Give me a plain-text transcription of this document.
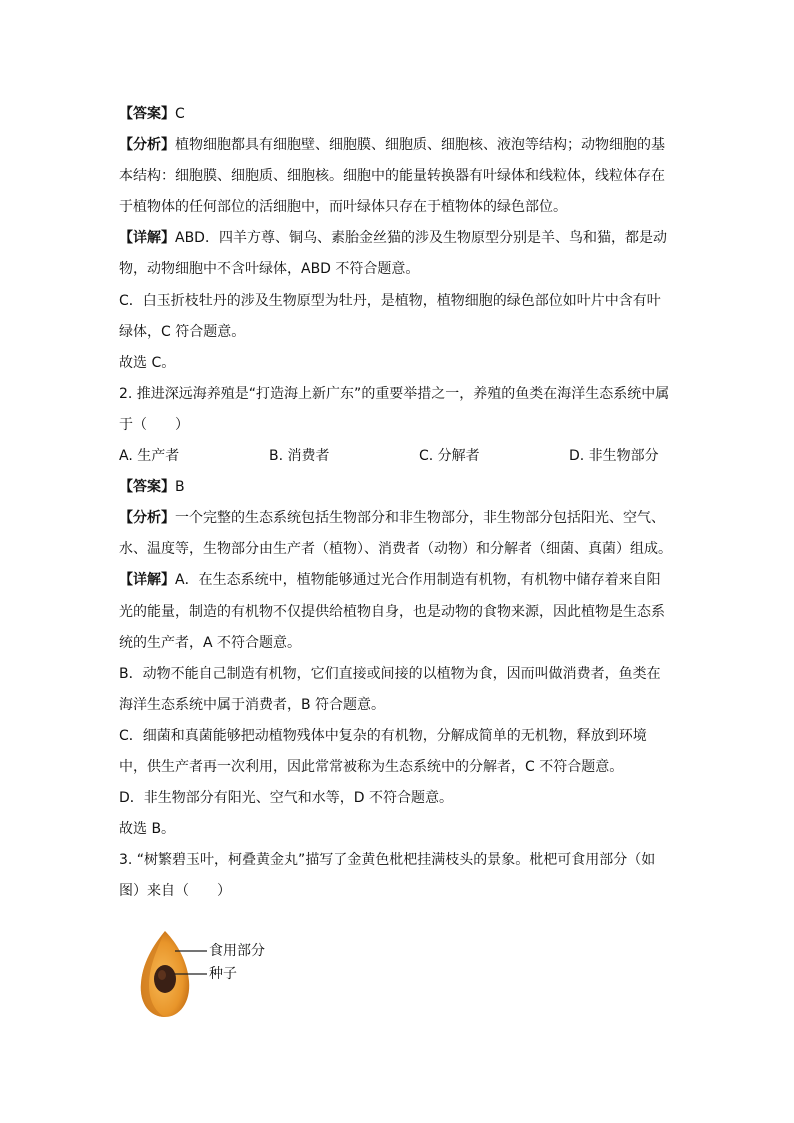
【答案】C
【分析】植物细胞都具有细胞壁、细胞膜、细胞质、细胞核、液泡等结构；动物细胞的基
本结构：细胞膜、细胞质、细胞核。细胞中的能量转换器有叶绿体和线粒体，线粒体存在
于植物体的任何部位的活细胞中，而叶绿体只存在于植物体的绿色部位。
【详解】ABD．四羊方尊、铜乌、素胎金丝猫的涉及生物原型分别是羊、鸟和猫，都是动
物，动物细胞中不含叶绿体，ABD 不符合题意。
C．白玉折枝牡丹的涉及生物原型为牡丹，是植物，植物细胞的绿色部位如叶片中含有叶
绿体，C 符合题意。
故选 C。
2. 推进深远海养殖是“打造海上新广东”的重要举措之一，养殖的鱼类在海洋生态系统中属
于（　　）
A. 生产者	B. 消费者	C. 分解者	D. 非生物部分
【答案】B
【分析】一个完整的生态系统包括生物部分和非生物部分，非生物部分包括阳光、空气、
水、温度等，生物部分由生产者（植物）、消费者（动物）和分解者（细菌、真菌）组成。
【详解】A．在生态系统中，植物能够通过光合作用制造有机物，有机物中储存着来自阳
光的能量，制造的有机物不仅提供给植物自身，也是动物的食物来源，因此植物是生态系
统的生产者，A 不符合题意。
B．动物不能自己制造有机物，它们直接或间接的以植物为食，因而叫做消费者，鱼类在
海洋生态系统中属于消费者，B 符合题意。
C．细菌和真菌能够把动植物残体中复杂的有机物，分解成简单的无机物，释放到环境
中，供生产者再一次利用，因此常常被称为生态系统中的分解者，C 不符合题意。
D．非生物部分有阳光、空气和水等，D 不符合题意。
故选 B。
3. “树繁碧玉叶，柯叠黄金丸”描写了金黄色枇杷挂满枝头的景象。枇杷可食用部分（如
图）来自（　　）
食用部分
种子
